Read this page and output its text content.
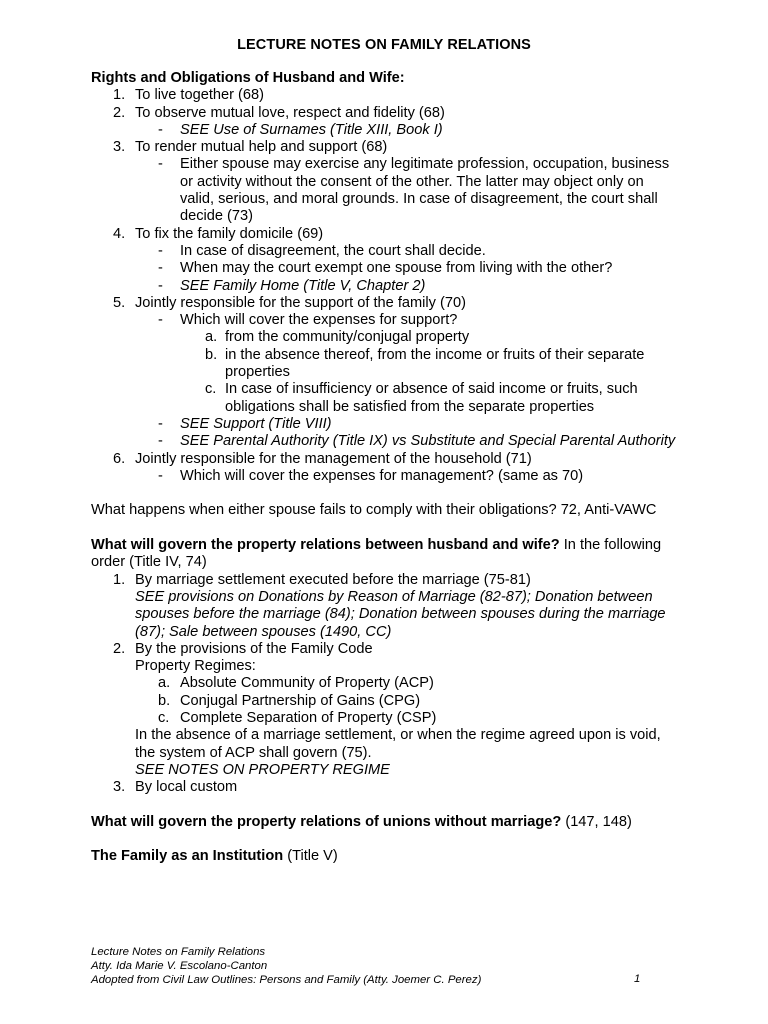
LECTURE NOTES ON FAMILY RELATIONS
Rights and Obligations of Husband and Wife:
1. To live together (68)
2. To observe mutual love, respect and fidelity (68)
- SEE Use of Surnames (Title XIII, Book I)
3. To render mutual help and support (68)
- Either spouse may exercise any legitimate profession, occupation, business or activity without the consent of the other. The latter may object only on valid, serious, and moral grounds. In case of disagreement, the court shall decide (73)
4. To fix the family domicile (69)
- In case of disagreement, the court shall decide.
- When may the court exempt one spouse from living with the other?
- SEE Family Home (Title V, Chapter 2)
5. Jointly responsible for the support of the family (70)
- Which will cover the expenses for support?
a. from the community/conjugal property
b. in the absence thereof, from the income or fruits of their separate properties
c. In case of insufficiency or absence of said income or fruits, such obligations shall be satisfied from the separate properties
- SEE Support (Title VIII)
- SEE Parental Authority (Title IX) vs Substitute and Special Parental Authority
6. Jointly responsible for the management of the household (71)
- Which will cover the expenses for management? (same as 70)
What happens when either spouse fails to comply with their obligations? 72, Anti-VAWC
What will govern the property relations between husband and wife? In the following order (Title IV, 74)
1. By marriage settlement executed before the marriage (75-81)
SEE provisions on Donations by Reason of Marriage (82-87); Donation between spouses before the marriage (84); Donation between spouses during the marriage (87); Sale between spouses (1490, CC)
2. By the provisions of the Family Code
Property Regimes:
a. Absolute Community of Property (ACP)
b. Conjugal Partnership of Gains (CPG)
c. Complete Separation of Property (CSP)
In the absence of a marriage settlement, or when the regime agreed upon is void, the system of ACP shall govern (75).
SEE NOTES ON PROPERTY REGIME
3. By local custom
What will govern the property relations of unions without marriage? (147, 148)
The Family as an Institution (Title V)
Lecture Notes on Family Relations
Atty. Ida Marie V. Escolano-Canton
Adopted from Civil Law Outlines: Persons and Family (Atty. Joemer C. Perez)	1
